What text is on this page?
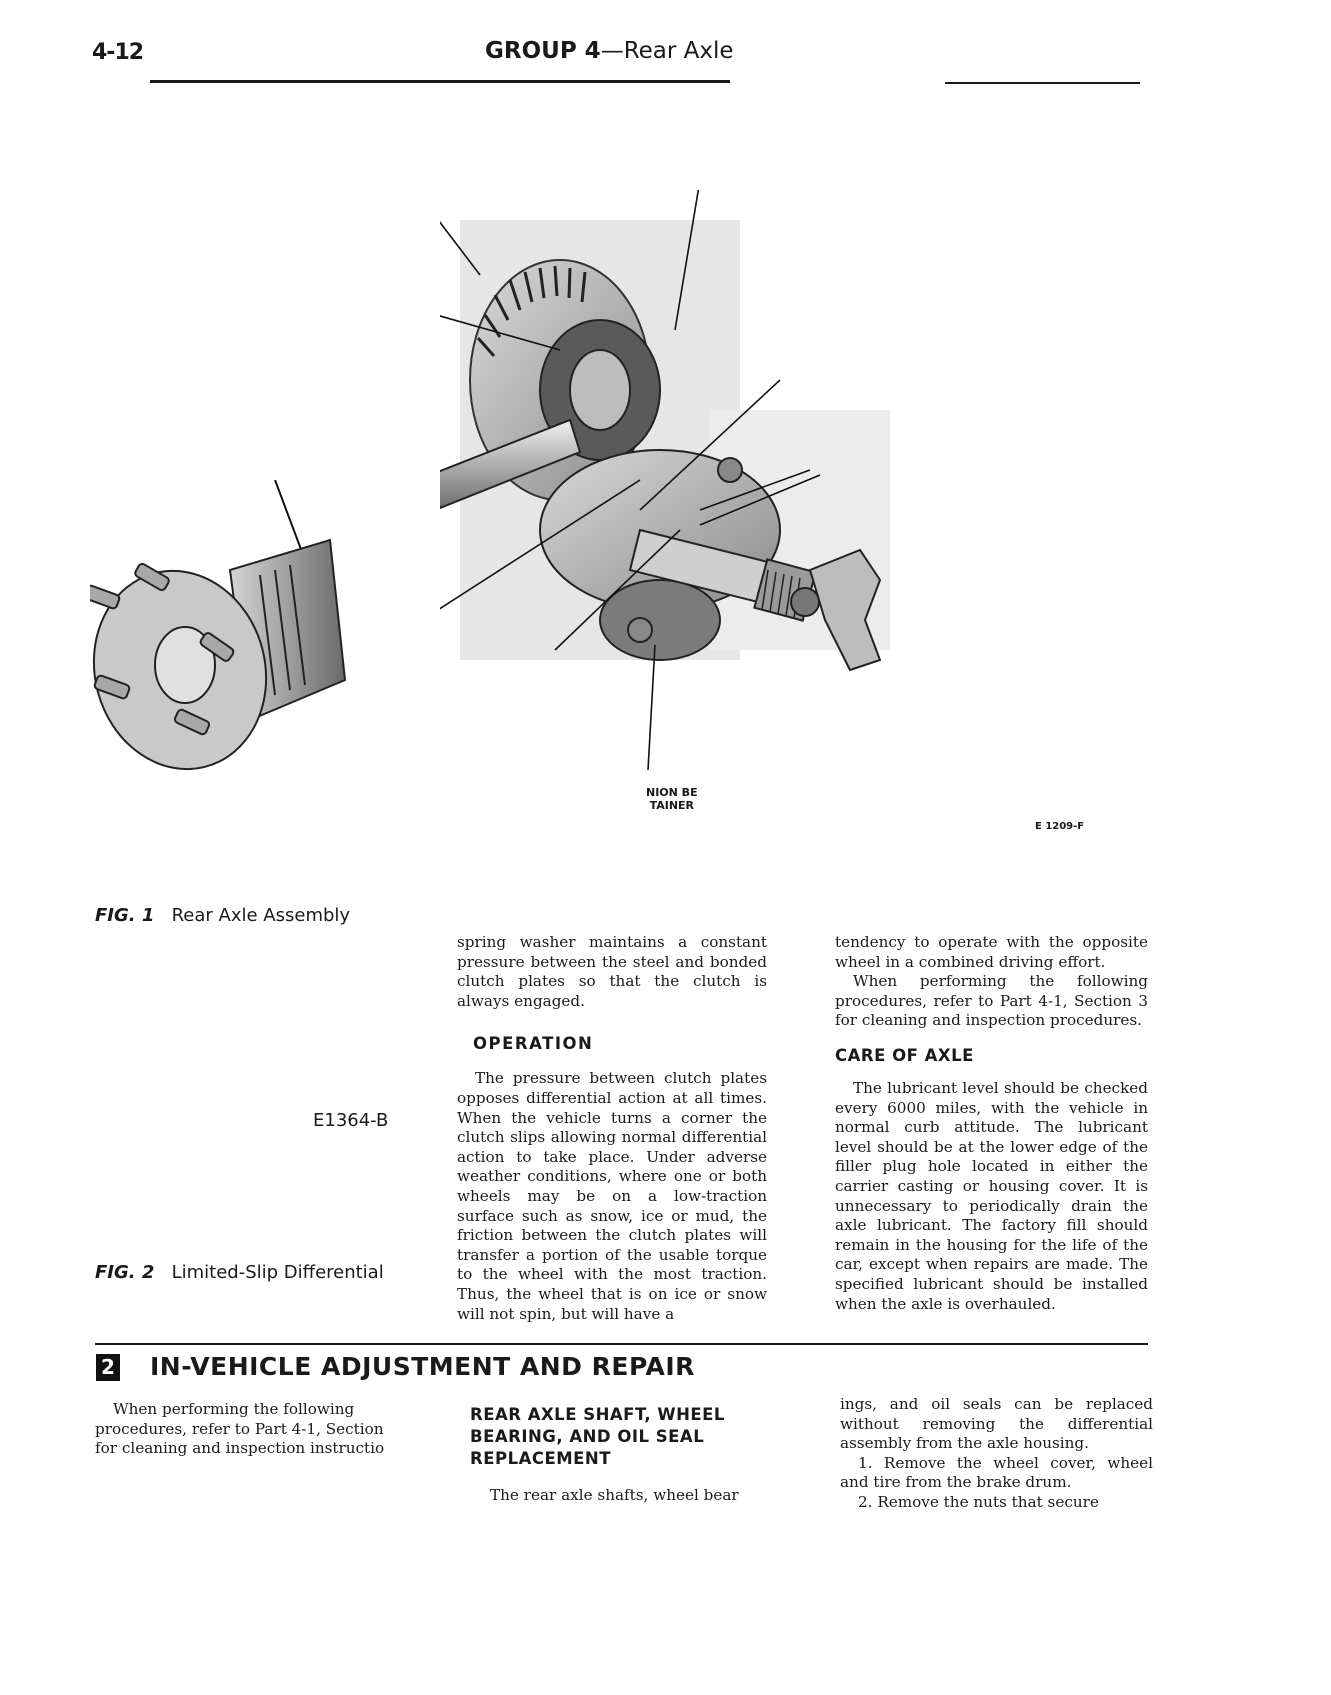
4-12	GROUP 4—Rear Axle
NION BE
TAINER
E 1209-F
FIG. 1 Rear Axle Assembly
E1364-B
FIG. 2 Limited-Slip Differential

spring washer maintains a constant pressure between the steel and bonded clutch plates so that the clutch is always engaged.

OPERATION

The pressure between clutch plates opposes differential action at all times. When the vehicle turns a corner the clutch slips allowing normal differential action to take place. Under adverse weather conditions, where one or both wheels may be on a low-traction surface such as snow, ice or mud, the friction between the clutch plates will transfer a portion of the usable torque to the wheel with the most traction. Thus, the wheel that is on ice or snow will not spin, but will have a

tendency to operate with the opposite wheel in a combined driving effort.

When performing the following procedures, refer to Part 4-1, Section 3 for cleaning and inspection procedures.

CARE OF AXLE

The lubricant level should be checked every 6000 miles, with the vehicle in normal curb attitude. The lubricant level should be at the lower edge of the filler plug hole located in either the carrier casting or housing cover. It is unnecessary to periodically drain the axle lubricant. The factory fill should remain in the housing for the life of the car, except when repairs are made. The specified lubricant should be installed when the axle is overhauled.

2 IN-VEHICLE ADJUSTMENT AND REPAIR

When performing the following procedures, refer to Part 4-1, Section for cleaning and inspection instructio

REAR AXLE SHAFT, WHEEL BEARING, AND OIL SEAL REPLACEMENT
The rear axle shafts, wheel bear

ings, and oil seals can be replaced without removing the differential assembly from the axle housing.

1. Remove the wheel cover, wheel and tire from the brake drum.

2. Remove the nuts that secure
